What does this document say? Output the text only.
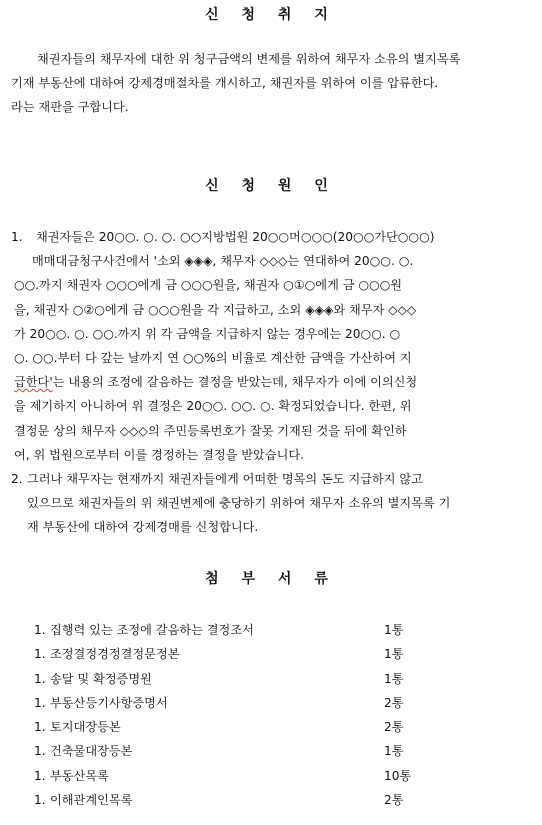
신 청 취 지

채권자들의 채무자에 대한 위 청구금액의 변제를 위하여 채무자 소유의 별지목록
기재 부동산에 대하여 강제경매절차를 개시하고, 채권자를 위하여 이를 압류한다.
라는 재판을 구합니다.

신 청 원 인
1.	채권자들은 20○○. ○. ○. ○○지방법원 20○○머○○○(20○○가단○○○)
매매대금청구사건에서 '소외 ◈◈◈, 채무자 ◇◇◇는 연대하여 20○○. ○.
○○.까지 채권자 ○○○에게 금 ○○○원을, 채권자 ○①○에게 금 ○○○원
을, 채권자 ○②○에게 금 ○○○원을 각 지급하고, 소외 ◈◈◈와 채무자 ◇◇◇
가 20○○. ○. ○○.까지 위 각 금액을 지급하지 않는 경우에는 20○○. ○
○. ○○.부터 다 갚는 날까지 연 ○○%의 비율로 계산한 금액을 가산하여 지
급한다'는 내용의 조정에 갈음하는 결정을 받았는데, 채무자가 이에 이의신청
을 제기하지 아니하여 위 결정은 20○○. ○○. ○. 확정되었습니다. 한편, 위
결정문 상의 채무자 ◇◇◇의 주민등록번호가 잘못 기재된 것을 뒤에 확인하
여, 위 법원으로부터 이를 경정하는 결정을 받았습니다.
2. 그러나 채무자는 현재까지 채권자들에게 어떠한 명목의 돈도 지급하지 않고
있으므로 채권자들의 위 채권변제에 충당하기 위하여 채무자 소유의 별지목록 기
재 부동산에 대하여 강제경매를 신청합니다.
첨 부 서 류
1. 집행력 있는 조정에 갈음하는 결정조서	1통
1. 조정결정경정결정문정본	1통
1. 송달 및 확정증명원	1통
1. 부동산등기사항증명서	2통
1. 토지대장등본	2통
1. 건축물대장등본	1통
1. 부동산목록	10통
1. 이해관계인목록	2통
